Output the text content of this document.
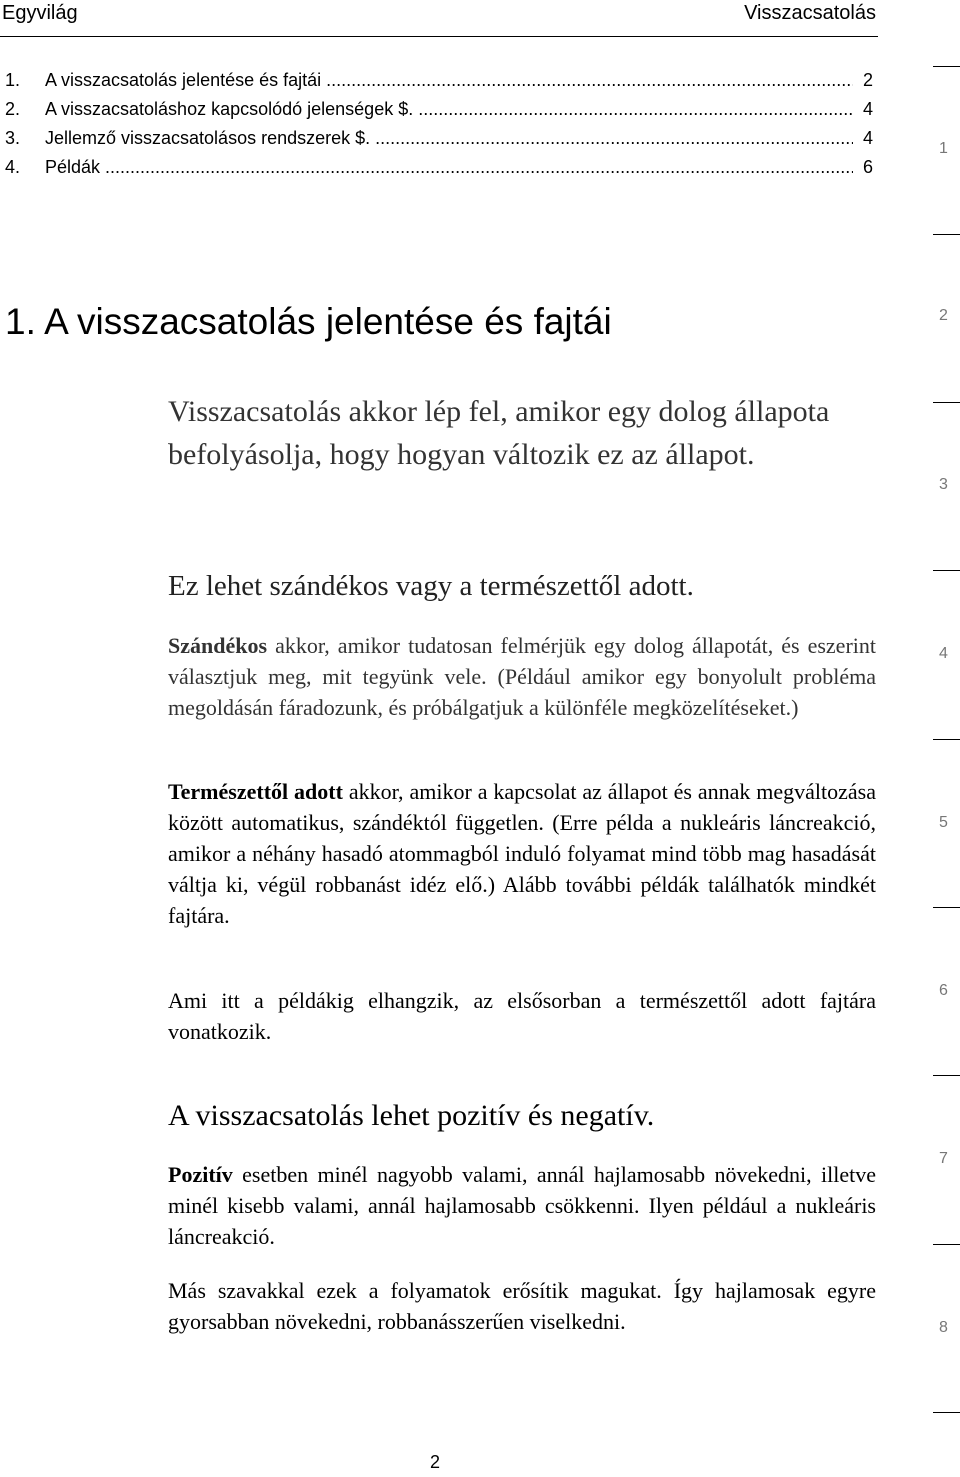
Egyvilág	Visszacsatolás
1. A visszacsatolás jelentése és fajtái .....	2
2. A visszacsatoláshoz kapcsolódó jelenségek $. .....	4
3. Jellemző visszacsatolásos rendszerek $. .....	4
4. Példák .....	6
1. A visszacsatolás jelentése és fajtái
Visszacsatolás akkor lép fel, amikor egy dolog állapota befolyásolja, hogy hogyan változik ez az állapot.
Ez lehet szándékos vagy a természettől adott.
Szándékos akkor, amikor tudatosan felmérjük egy dolog állapotát, és eszerint választjuk meg, mit tegyünk vele. (Például amikor egy bonyolult probléma megoldásán fáradozunk, és próbálgatjuk a különféle megközelítéseket.)
Természettől adott akkor, amikor a kapcsolat az állapot és annak megváltozása között automatikus, szándéktól független. (Erre példa a nukleáris láncreakció, amikor a néhány hasadó atommagból induló folyamat mind több mag hasadását váltja ki, végül robbanást idéz elő.) Alább további példák találhatók mindkét fajtára.
Ami itt a példákig elhangzik, az elsősorban a természettől adott fajtára vonatkozik.
A visszacsatolás lehet pozitív és negatív.
Pozitív esetben minél nagyobb valami, annál hajlamosabb növekedni, illetve minél kisebb valami, annál hajlamosabb csökkenni. Ilyen például a nukleáris láncreakció.
Más szavakkal ezek a folyamatok erősítik magukat. Így hajlamosak egyre gyorsabban növekedni, robbanásszerűen viselkedni.
1
2
3
4
5
6
7
8
2
